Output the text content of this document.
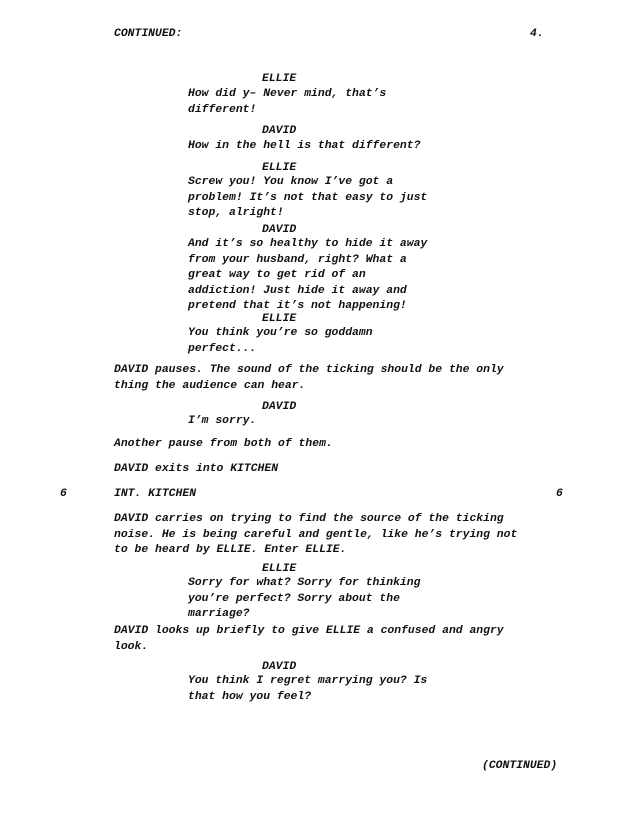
CONTINUED:	4.
ELLIE
How did y– Never mind, that’s
different!
DAVID
How in the hell is that different?
ELLIE
Screw you! You know I’ve got a
problem! It’s not that easy to just
stop, alright!
DAVID
And it’s so healthy to hide it away
from your husband, right? What a
great way to get rid of an
addiction! Just hide it away and
pretend that it’s not happening!
ELLIE
You think you’re so goddamn
perfect...
DAVID pauses. The sound of the ticking should be the only
thing the audience can hear.
DAVID
I’m sorry.
Another pause from both of them.
DAVID exits into KITCHEN
6	INT. KITCHEN	6
DAVID carries on trying to find the source of the ticking
noise. He is being careful and gentle, like he’s trying not
to be heard by ELLIE. Enter ELLIE.
ELLIE
Sorry for what? Sorry for thinking
you’re perfect? Sorry about the
marriage?
DAVID looks up briefly to give ELLIE a confused and angry
look.
DAVID
You think I regret marrying you? Is
that how you feel?
(CONTINUED)
